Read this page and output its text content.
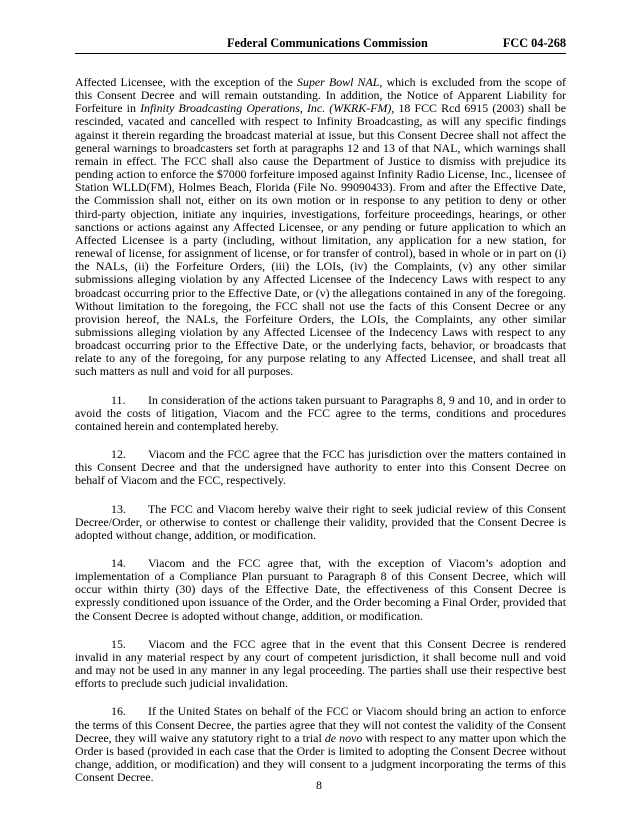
Federal Communications Commission	FCC 04-268

Affected Licensee, with the exception of the Super Bowl NAL, which is excluded from the scope of this Consent Decree and will remain outstanding. In addition, the Notice of Apparent Liability for Forfeiture in Infinity Broadcasting Operations, Inc. (WKRK-FM), 18 FCC Rcd 6915 (2003) shall be rescinded, vacated and cancelled with respect to Infinity Broadcasting, as will any specific findings against it therein regarding the broadcast material at issue, but this Consent Decree shall not affect the general warnings to broadcasters set forth at paragraphs 12 and 13 of that NAL, which warnings shall remain in effect. The FCC shall also cause the Department of Justice to dismiss with prejudice its pending action to enforce the $7000 forfeiture imposed against Infinity Radio License, Inc., licensee of Station WLLD(FM), Holmes Beach, Florida (File No. 99090433). From and after the Effective Date, the Commission shall not, either on its own motion or in response to any petition to deny or other third-party objection, initiate any inquiries, investigations, forfeiture proceedings, hearings, or other sanctions or actions against any Affected Licensee, or any pending or future application to which an Affected Licensee is a party (including, without limitation, any application for a new station, for renewal of license, for assignment of license, or for transfer of control), based in whole or in part on (i) the NALs, (ii) the Forfeiture Orders, (iii) the LOIs, (iv) the Complaints, (v) any other similar submissions alleging violation by any Affected Licensee of the Indecency Laws with respect to any broadcast occurring prior to the Effective Date, or (v) the allegations contained in any of the foregoing. Without limitation to the foregoing, the FCC shall not use the facts of this Consent Decree or any provision hereof, the NALs, the Forfeiture Orders, the LOIs, the Complaints, any other similar submissions alleging violation by any Affected Licensee of the Indecency Laws with respect to any broadcast occurring prior to the Effective Date, or the underlying facts, behavior, or broadcasts that relate to any of the foregoing, for any purpose relating to any Affected Licensee, and shall treat all such matters as null and void for all purposes.

11. In consideration of the actions taken pursuant to Paragraphs 8, 9 and 10, and in order to avoid the costs of litigation, Viacom and the FCC agree to the terms, conditions and procedures contained herein and contemplated hereby.

12. Viacom and the FCC agree that the FCC has jurisdiction over the matters contained in this Consent Decree and that the undersigned have authority to enter into this Consent Decree on behalf of Viacom and the FCC, respectively.

13. The FCC and Viacom hereby waive their right to seek judicial review of this Consent Decree/Order, or otherwise to contest or challenge their validity, provided that the Consent Decree is adopted without change, addition, or modification.

14. Viacom and the FCC agree that, with the exception of Viacom’s adoption and implementation of a Compliance Plan pursuant to Paragraph 8 of this Consent Decree, which will occur within thirty (30) days of the Effective Date, the effectiveness of this Consent Decree is expressly conditioned upon issuance of the Order, and the Order becoming a Final Order, provided that the Consent Decree is adopted without change, addition, or modification.

15. Viacom and the FCC agree that in the event that this Consent Decree is rendered invalid in any material respect by any court of competent jurisdiction, it shall become null and void and may not be used in any manner in any legal proceeding. The parties shall use their respective best efforts to preclude such judicial invalidation.

16. If the United States on behalf of the FCC or Viacom should bring an action to enforce the terms of this Consent Decree, the parties agree that they will not contest the validity of the Consent Decree, they will waive any statutory right to a trial de novo with respect to any matter upon which the Order is based (provided in each case that the Order is limited to adopting the Consent Decree without change, addition, or modification) and they will consent to a judgment incorporating the terms of this Consent Decree.

8
